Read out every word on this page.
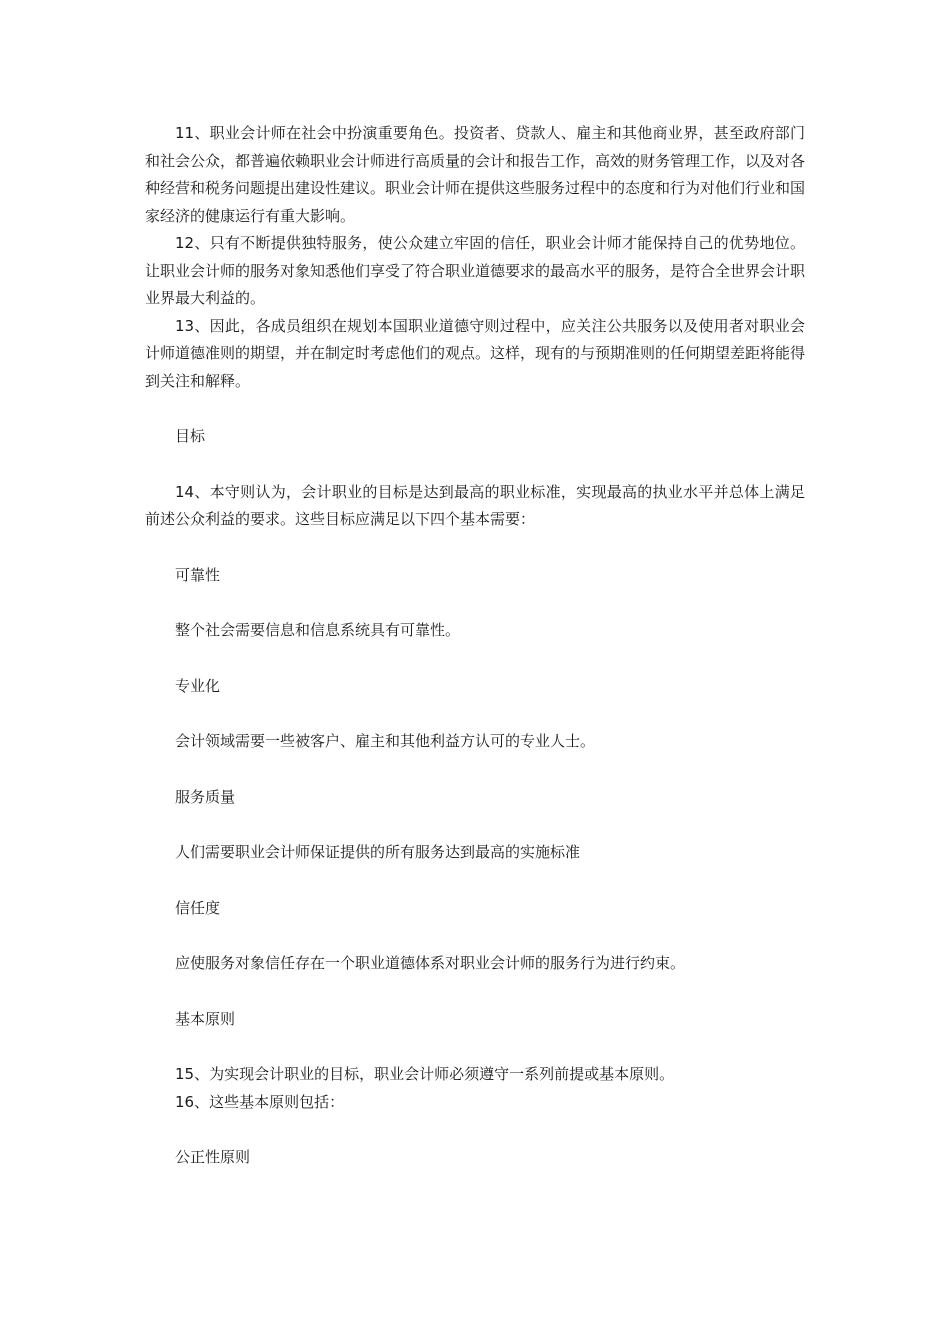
11、职业会计师在社会中扮演重要角色。投资者、贷款人、雇主和其他商业界，甚至政府部门和社会公众，都普遍依赖职业会计师进行高质量的会计和报告工作，高效的财务管理工作，以及对各种经营和税务问题提出建设性建议。职业会计师在提供这些服务过程中的态度和行为对他们行业和国家经济的健康运行有重大影响。

12、只有不断提供独特服务，使公众建立牢固的信任，职业会计师才能保持自己的优势地位。让职业会计师的服务对象知悉他们享受了符合职业道德要求的最高水平的服务，是符合全世界会计职业界最大利益的。

13、因此，各成员组织在规划本国职业道德守则过程中，应关注公共服务以及使用者对职业会计师道德准则的期望，并在制定时考虑他们的观点。这样，现有的与预期准则的任何期望差距将能得到关注和解释。

目标

14、本守则认为，会计职业的目标是达到最高的职业标准，实现最高的执业水平并总体上满足前述公众利益的要求。这些目标应满足以下四个基本需要：

可靠性

整个社会需要信息和信息系统具有可靠性。

专业化

会计领域需要一些被客户、雇主和其他利益方认可的专业人士。

服务质量

人们需要职业会计师保证提供的所有服务达到最高的实施标准

信任度

应使服务对象信任存在一个职业道德体系对职业会计师的服务行为进行约束。

基本原则

15、为实现会计职业的目标，职业会计师必须遵守一系列前提或基本原则。

16、这些基本原则包括：

公正性原则
